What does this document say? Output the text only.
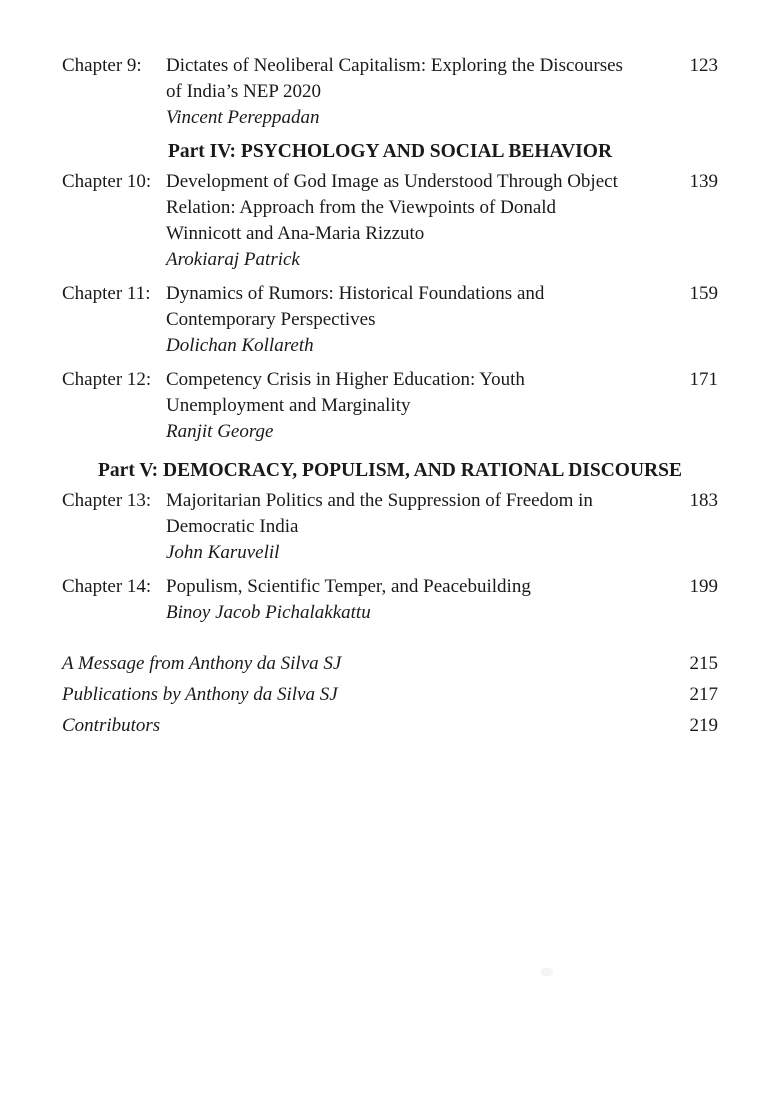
Chapter 9:	Dictates of Neoliberal Capitalism: Exploring the Discourses
of India’s NEP 2020
Vincent Pereppadan
123
Part IV: PSYCHOLOGY AND SOCIAL BEHAVIOR
Chapter 10: Development of God Image as Understood Through Object
Relation: Approach from the Viewpoints of Donald
Winnicott and Ana-Maria Rizzuto
Arokiaraj Patrick
139
Chapter 11: Dynamics of Rumors: Historical Foundations and
Contemporary Perspectives
Dolichan Kollareth
159
Chapter 12: Competency Crisis in Higher Education: Youth
Unemployment and Marginality
Ranjit George
171
Part V: DEMOCRACY, POPULISM, AND RATIONAL DISCOURSE
Chapter 13: Majoritarian Politics and the Suppression of Freedom in
Democratic India
John Karuvelil
183
Chapter 14: Populism, Scientific Temper, and Peacebuilding
Binoy Jacob Pichalakkattu
199
A Message from Anthony da Silva SJ	215
Publications by Anthony da Silva SJ	217
Contributors	219
